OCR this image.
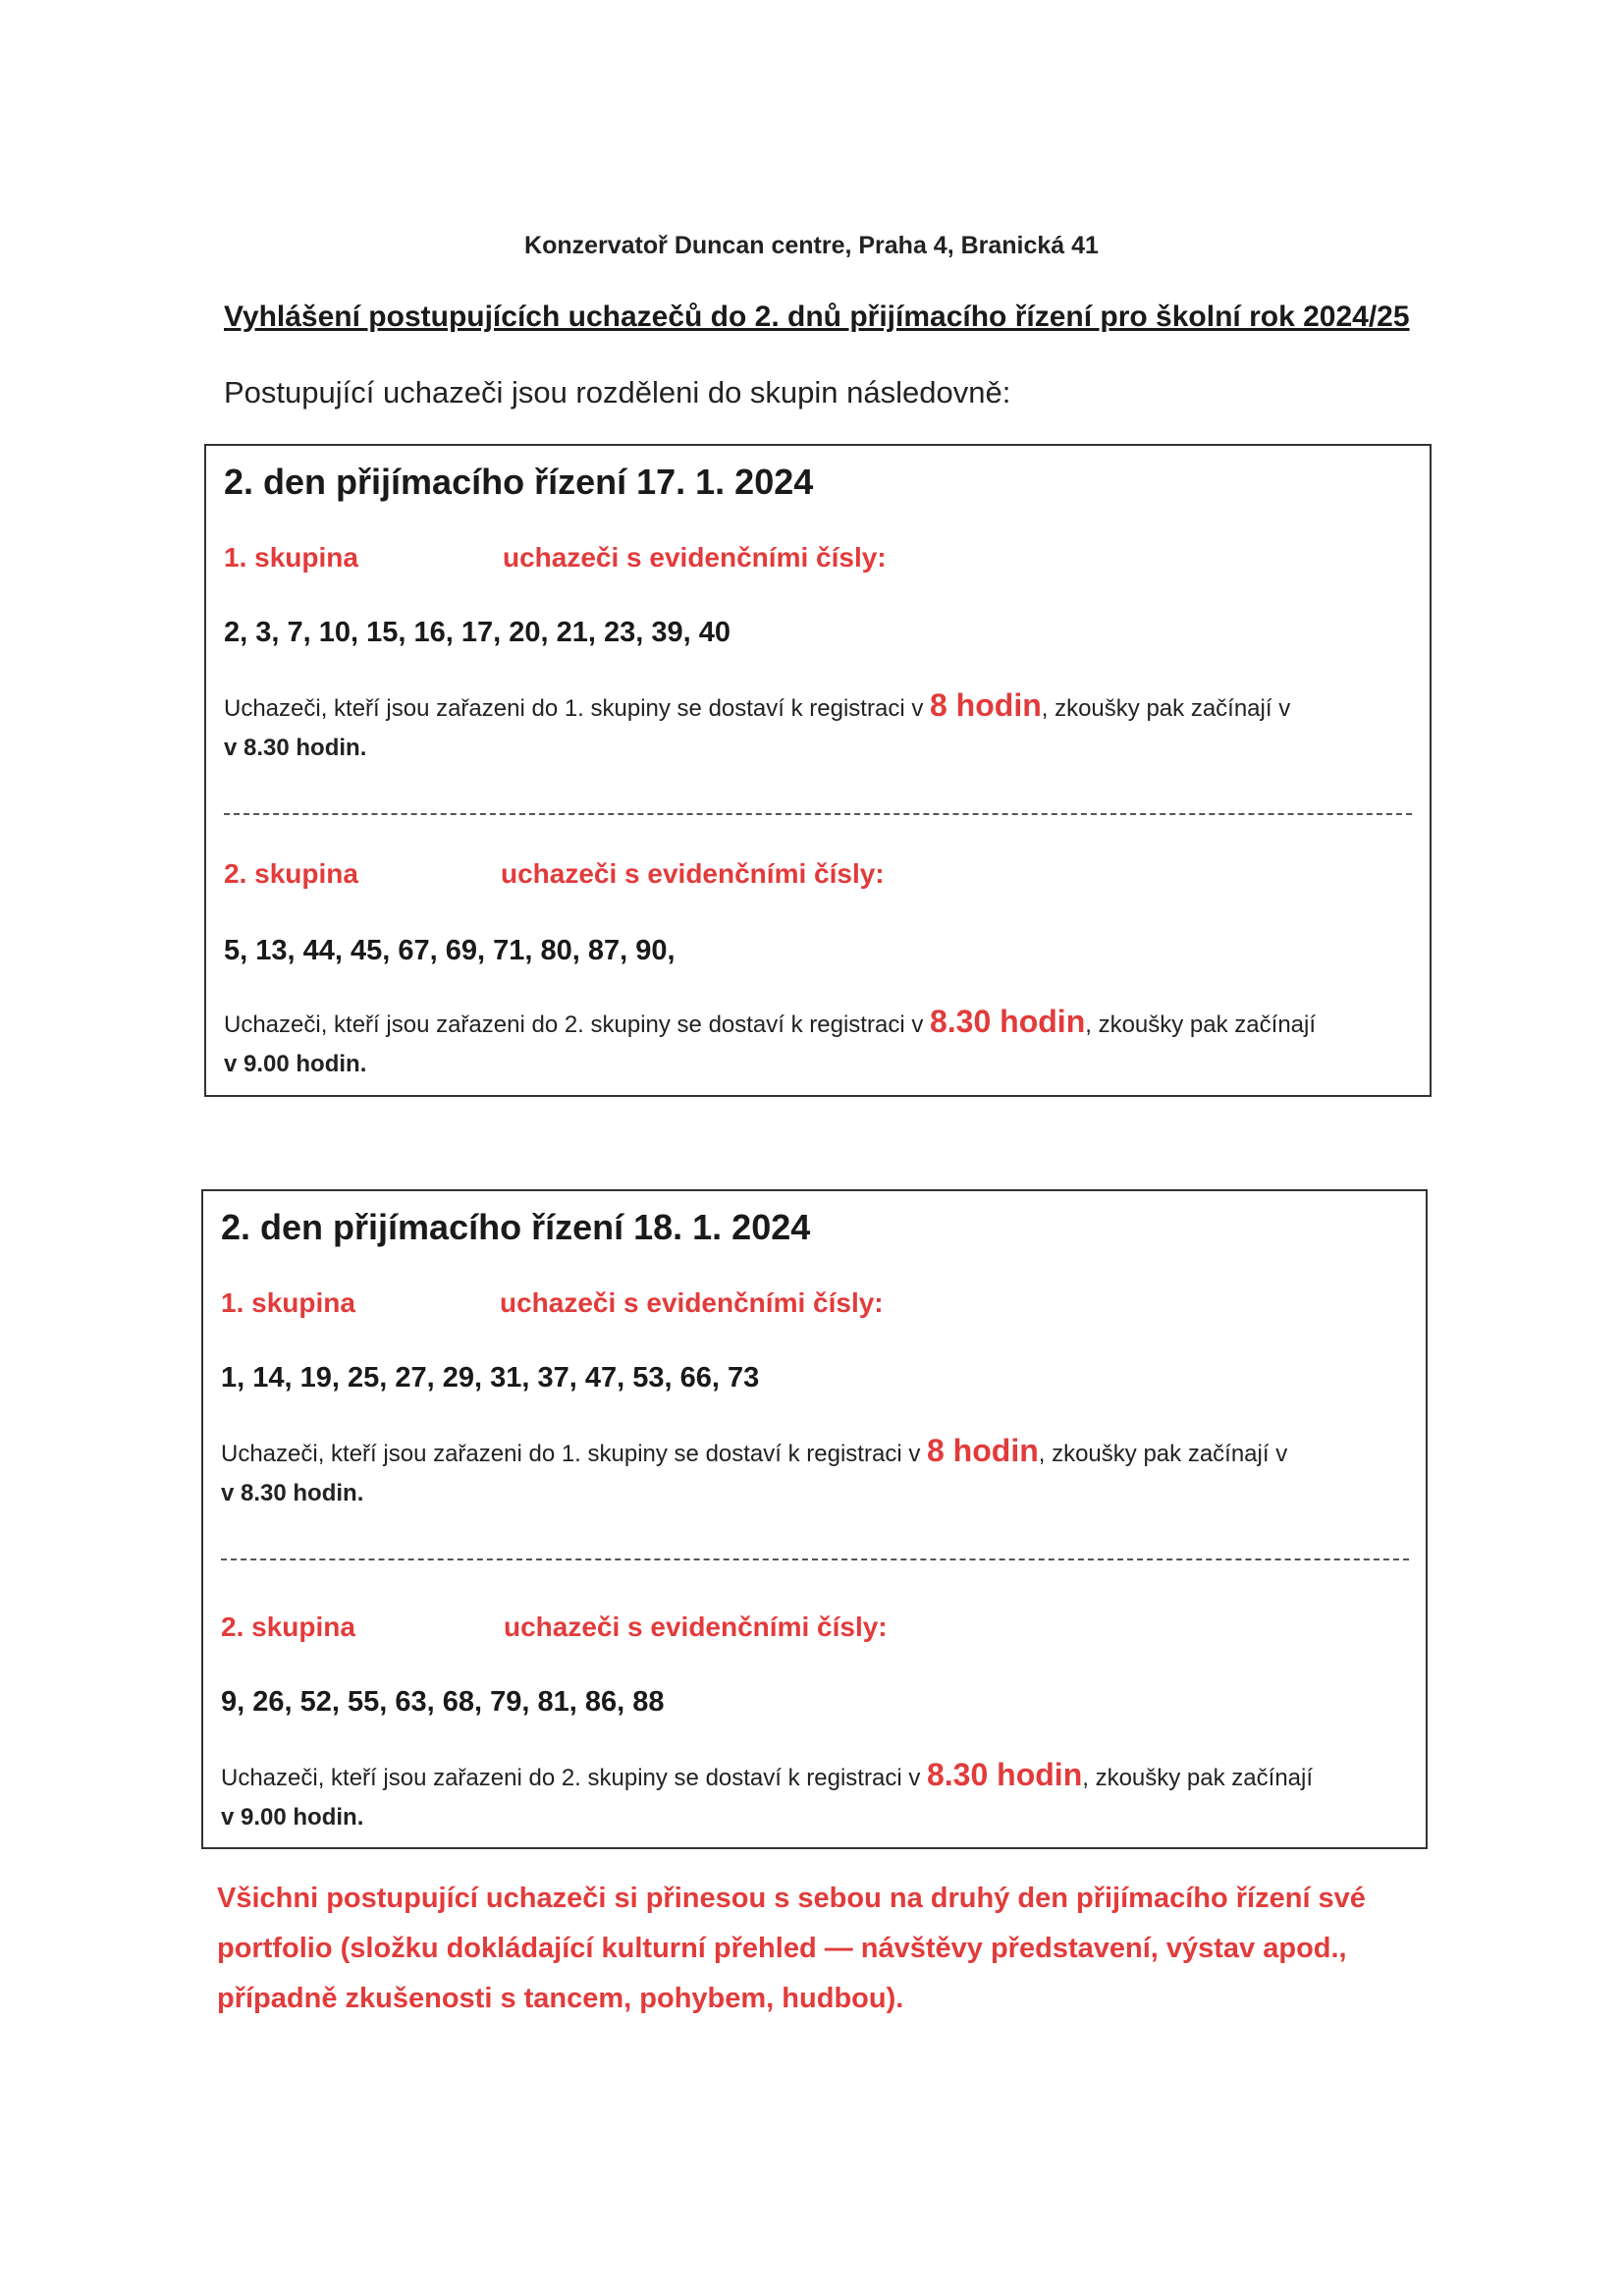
Konzervatoř Duncan centre, Praha 4, Branická 41
Vyhlášení postupujících uchazečů do 2. dnů přijímacího řízení pro školní rok 2024/25
Postupující uchazeči jsou rozděleni do skupin následovně:
2. den přijímacího řízení 17. 1. 2024
1. skupina	uchazeči s evidenčními čísly:
2, 3, 7, 10, 15, 16, 17, 20, 21, 23, 39, 40
Uchazeči, kteří jsou zařazeni do 1. skupiny se dostaví k registraci v 8 hodin, zkoušky pak začínají v
v 8.30 hodin.
2. skupina	uchazeči s evidenčními čísly:
5, 13, 44, 45, 67, 69, 71, 80, 87, 90,
Uchazeči, kteří jsou zařazeni do 2. skupiny se dostaví k registraci v 8.30 hodin, zkoušky pak začínají
v 9.00 hodin.
2. den přijímacího řízení 18. 1. 2024
1. skupina	uchazeči s evidenčními čísly:
1, 14, 19, 25, 27, 29, 31, 37, 47, 53, 66, 73
Uchazeči, kteří jsou zařazeni do 1. skupiny se dostaví k registraci v 8 hodin, zkoušky pak začínají v
v 8.30 hodin.
2. skupina	uchazeči s evidenčními čísly:
9, 26, 52, 55, 63, 68, 79, 81, 86, 88
Uchazeči, kteří jsou zařazeni do 2. skupiny se dostaví k registraci v 8.30 hodin, zkoušky pak začínají
v 9.00 hodin.
Všichni postupující uchazeči si přinesou s sebou na druhý den přijímacího řízení své portfolio (složku dokládající kulturní přehled — návštěvy představení, výstav apod., případně zkušenosti s tancem, pohybem, hudbou).
